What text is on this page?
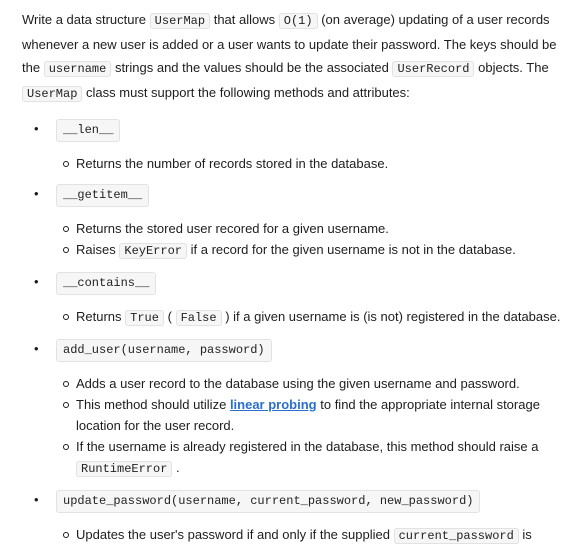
Write a data structure UserMap that allows O(1) (on average) updating of a user records whenever a new user is added or a user wants to update their password. The keys should be the username strings and the values should be the associated UserRecord objects. The UserMap class must support the following methods and attributes:

• __len__
Returns the number of records stored in the database.
• __getitem__
Returns the stored user recored for a given username.
Raises KeyError if a record for the given username is not in the database.
• __contains__
Returns True ( False ) if a given username is (is not) registered in the database.
• add_user(username, password)
Adds a user record to the database using the given username and password.
This method should utilize linear probing to find the appropriate internal storage location for the user record.
If the username is already registered in the database, this method should raise a RuntimeError .
• update_password(username, current_password, new_password)
Updates the user's password if and only if the supplied current_password is
